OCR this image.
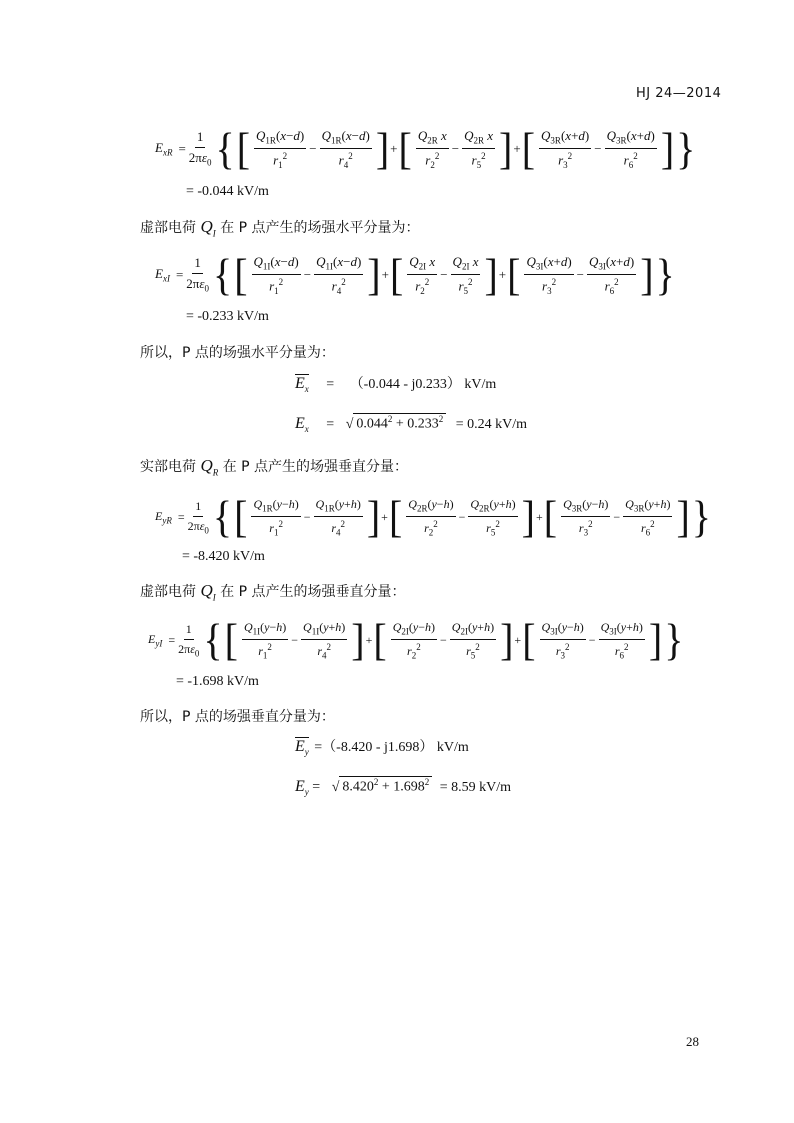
HJ 24—2014
$E_{xR} = \frac{1}{2\pi\varepsilon_0}$ { [ $\frac{Q_{1R}(x-d)}{r_1^2} - \frac{Q_{1R}(x-d)}{r_4^2}$ ] + [ $\frac{Q_{2R} x}{r_2^2} - \frac{Q_{2R} x}{r_5^2}$ ] + [ $\frac{Q_{3R}(x+d)}{r_3^2} - \frac{Q_{3R}(x+d)}{r_6^2}$ ] }
= -0.044 kV/m
虚部电荷 $Q_I$ 在 P 点产生的场强水平分量为：
$E_{xI} = \frac{1}{2\pi\varepsilon_0}$ { [ $\frac{Q_{1I}(x-d)}{r_1^2} - \frac{Q_{1I}(x-d)}{r_4^2}$ ] + [ $\frac{Q_{2I} x}{r_2^2} - \frac{Q_{2I} x}{r_5^2}$ ] + [ $\frac{Q_{3I}(x+d)}{r_3^2} - \frac{Q_{3I}(x+d)}{r_6^2}$ ] }
= -0.233 kV/m
所以，P 点的场强水平分量为：
$E_x = (-0.044 - j0.233)$ kV/m
$E_x$ = √ $0.044^2 + 0.233^2 = 0.24$ kV/m
实部电荷 $Q_R$ 在 P 点产生的场强垂直分量：
$E_{yR} = \frac{1}{2\pi\varepsilon_0}$ { [ $\frac{Q_{1R}(y-h)}{r_1^2} - \frac{Q_{1R}(y+h)}{r_4^2}$ ] + [ $\frac{Q_{2R}(y-h)}{r_2^2} - \frac{Q_{2R}(y+h)}{r_5^2}$ ] + [ $\frac{Q_{3R}(y-h)}{r_3^2} - \frac{Q_{3R}(y+h)}{r_6^2}$ ] }
= -8.420 kV/m
虚部电荷 $Q_I$ 在 P 点产生的场强垂直分量：
$E_{yI} = \frac{1}{2\pi\varepsilon_0}$ { [ $\frac{Q_{1I}(y-h)}{r_1^2} - \frac{Q_{1I}(y+h)}{r_4^2}$ ] + [ $\frac{Q_{2I}(y-h)}{r_2^2} - \frac{Q_{2I}(y+h)}{r_5^2}$ ] + [ $\frac{Q_{3I}(y-h)}{r_3^2} - \frac{Q_{3I}(y+h)}{r_6^2}$ ] }
= -1.698 kV/m
所以，P 点的场强垂直分量为：
$E_y =(-8.420 - j1.698)$ kV/m
$E_y$ = √ $8.420^2 + 1.698^2 = 8.59$ kV/m
28
